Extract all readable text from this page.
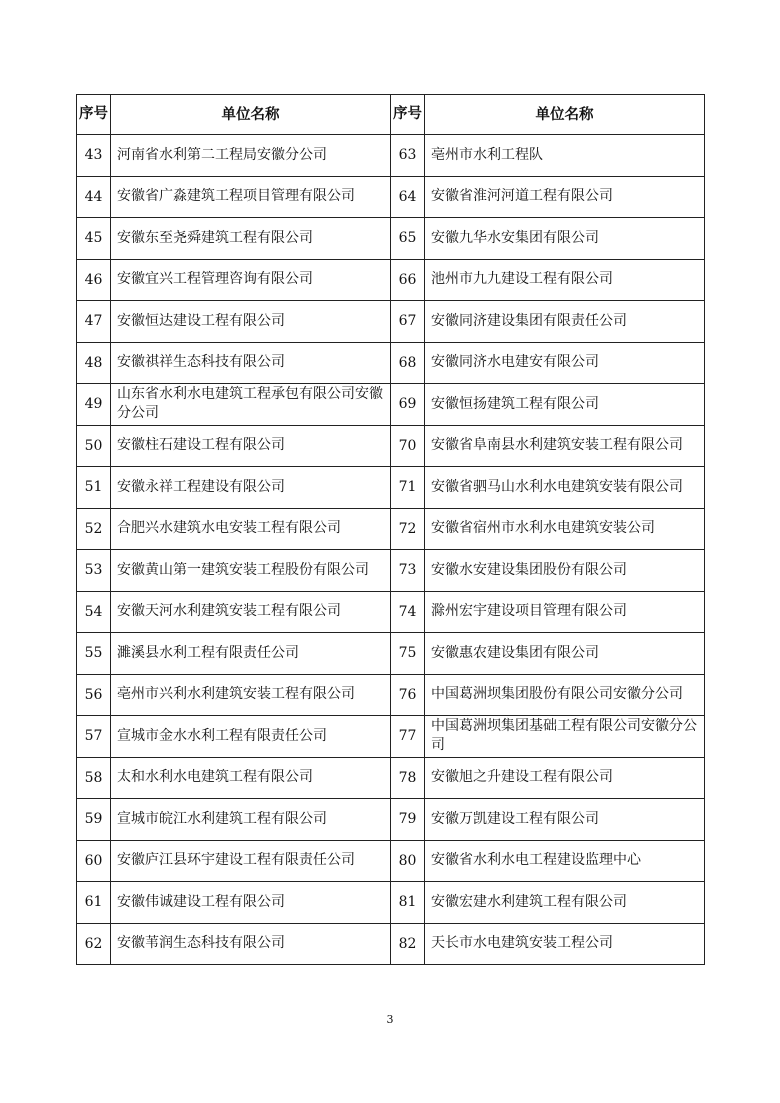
序号	单位名称	序号	单位名称
43	河南省水利第二工程局安徽分公司	63	亳州市水利工程队
44	安徽省广淼建筑工程项目管理有限公司	64	安徽省淮河河道工程有限公司
45	安徽东至尧舜建筑工程有限公司	65	安徽九华水安集团有限公司
46	安徽宜兴工程管理咨询有限公司	66	池州市九九建设工程有限公司
47	安徽恒达建设工程有限公司	67	安徽同济建设集团有限责任公司
48	安徽祺祥生态科技有限公司	68	安徽同济水电建安有限公司
49	山东省水利水电建筑工程承包有限公司安徽分公司	69	安徽恒扬建筑工程有限公司
50	安徽柱石建设工程有限公司	70	安徽省阜南县水利建筑安装工程有限公司
51	安徽永祥工程建设有限公司	71	安徽省驷马山水利水电建筑安装有限公司
52	合肥兴水建筑水电安装工程有限公司	72	安徽省宿州市水利水电建筑安装公司
53	安徽黄山第一建筑安装工程股份有限公司	73	安徽水安建设集团股份有限公司
54	安徽天河水利建筑安装工程有限公司	74	滁州宏宇建设项目管理有限公司
55	濉溪县水利工程有限责任公司	75	安徽惠农建设集团有限公司
56	亳州市兴利水利建筑安装工程有限公司	76	中国葛洲坝集团股份有限公司安徽分公司
57	宣城市金水水利工程有限责任公司	77	中国葛洲坝集团基础工程有限公司安徽分公司
58	太和水利水电建筑工程有限公司	78	安徽旭之升建设工程有限公司
59	宣城市皖江水利建筑工程有限公司	79	安徽万凯建设工程有限公司
60	安徽庐江县环宇建设工程有限责任公司	80	安徽省水利水电工程建设监理中心
61	安徽伟诚建设工程有限公司	81	安徽宏建水利建筑工程有限公司
62	安徽苇润生态科技有限公司	82	天长市水电建筑安装工程公司
3
